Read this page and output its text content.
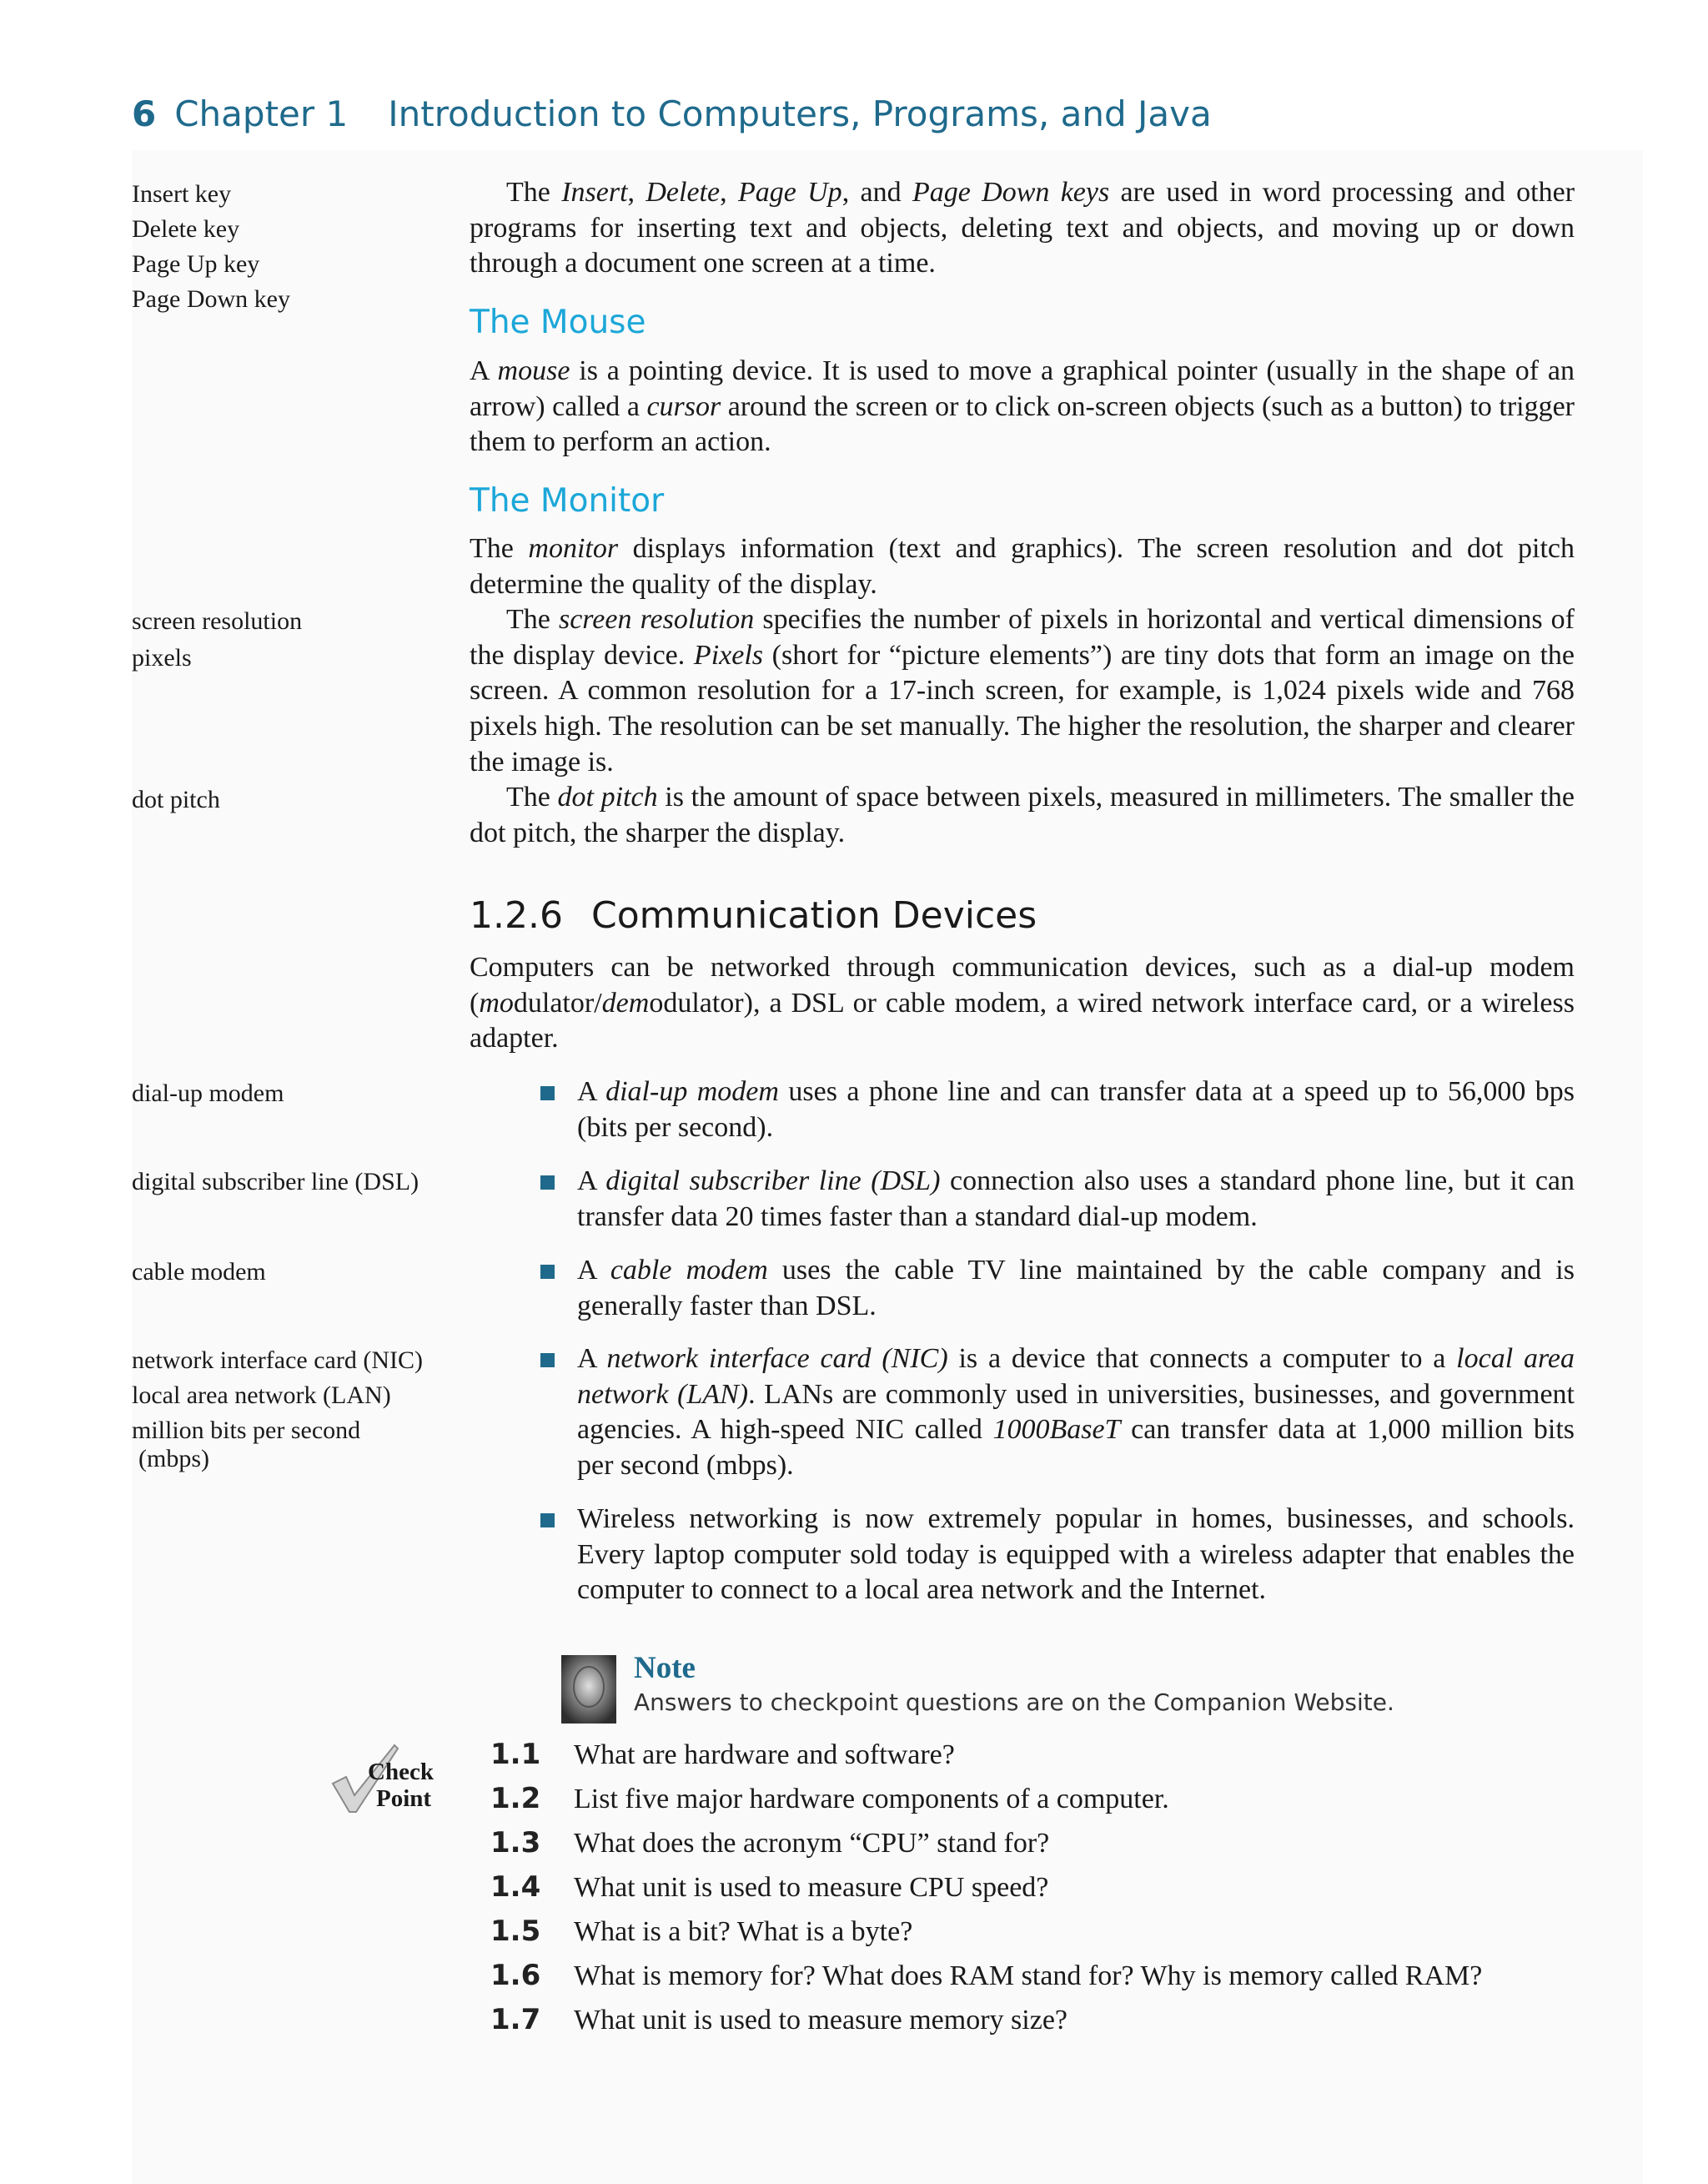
6 Chapter 1 Introduction to Computers, Programs, and Java
Insert key
Delete key
Page Up key
Page Down key
screen resolution
pixels
dot pitch
dial-up modem
digital subscriber line (DSL)
cable modem
network interface card (NIC)
local area network (LAN)
million bits per second
(mbps)

The Insert, Delete, Page Up, and Page Down keys are used in word processing and other programs for inserting text and objects, deleting text and objects, and moving up or down through a document one screen at a time.

The Mouse

A mouse is a pointing device. It is used to move a graphical pointer (usually in the shape of an arrow) called a cursor around the screen or to click on-screen objects (such as a button) to trigger them to perform an action.

The Monitor

The monitor displays information (text and graphics). The screen resolution and dot pitch determine the quality of the display.

The screen resolution specifies the number of pixels in horizontal and vertical dimensions of the display device. Pixels (short for “picture elements”) are tiny dots that form an image on the screen. A common resolution for a 17-inch screen, for example, is 1,024 pixels wide and 768 pixels high. The resolution can be set manually. The higher the resolution, the sharper and clearer the image is.

The dot pitch is the amount of space between pixels, measured in millimeters. The smaller the dot pitch, the sharper the display.

1.2.6 Communication Devices

Computers can be networked through communication devices, such as a dial-up modem (modulator/demodulator), a DSL or cable modem, a wired network interface card, or a wireless adapter.

A dial-up modem uses a phone line and can transfer data at a speed up to 56,000 bps (bits per second).
A digital subscriber line (DSL) connection also uses a standard phone line, but it can transfer data 20 times faster than a standard dial-up modem.
A cable modem uses the cable TV line maintained by the cable company and is generally faster than DSL.
A network interface card (NIC) is a device that connects a computer to a local area network (LAN). LANs are commonly used in universities, businesses, and government agencies. A high-speed NIC called 1000BaseT can transfer data at 1,000 million bits per second (mbps).
Wireless networking is now extremely popular in homes, businesses, and schools. Every laptop computer sold today is equipped with a wireless adapter that enables the computer to connect to a local area network and the Internet.
Note
Answers to checkpoint questions are on the Companion Website.
Check
Point
1.1 What are hardware and software?
1.2 List five major hardware components of a computer.
1.3 What does the acronym “CPU” stand for?
1.4 What unit is used to measure CPU speed?
1.5 What is a bit? What is a byte?
1.6 What is memory for? What does RAM stand for? Why is memory called RAM?
1.7 What unit is used to measure memory size?
